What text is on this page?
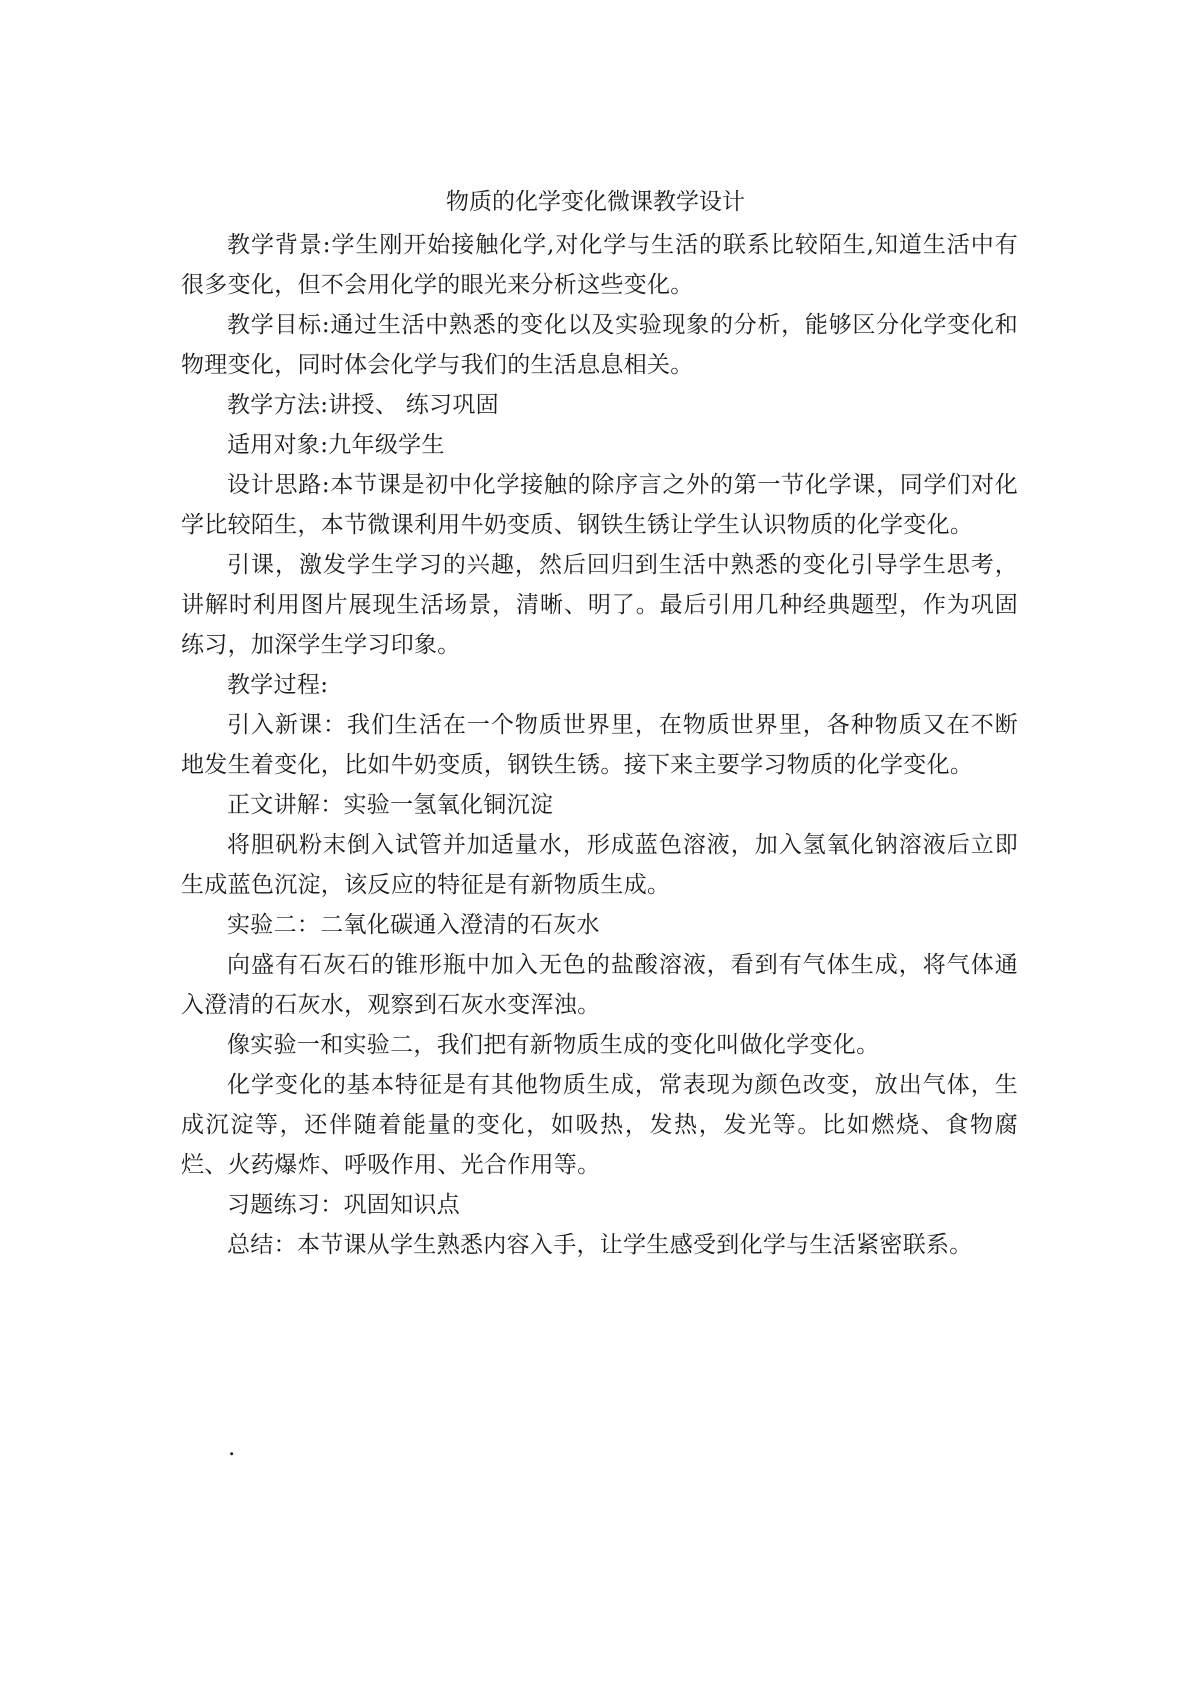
物质的化学变化微课教学设计

教学背景:学生刚开始接触化学,对化学与生活的联系比较陌生,知道生活中有很多变化，但不会用化学的眼光来分析这些变化。

教学目标:通过生活中熟悉的变化以及实验现象的分析，能够区分化学变化和物理变化，同时体会化学与我们的生活息息相关。

教学方法:讲授、 练习巩固

适用对象:九年级学生

设计思路:本节课是初中化学接触的除序言之外的第一节化学课，同学们对化学比较陌生，本节微课利用牛奶变质、钢铁生锈让学生认识物质的化学变化。

引课，激发学生学习的兴趣，然后回归到生活中熟悉的变化引导学生思考，讲解时利用图片展现生活场景，清晰、明了。最后引用几种经典题型，作为巩固练习，加深学生学习印象。

教学过程:

引入新课：我们生活在一个物质世界里，在物质世界里，各种物质又在不断地发生着变化，比如牛奶变质，钢铁生锈。接下来主要学习物质的化学变化。

正文讲解：实验一氢氧化铜沉淀

将胆矾粉末倒入试管并加适量水，形成蓝色溶液，加入氢氧化钠溶液后立即生成蓝色沉淀，该反应的特征是有新物质生成。

实验二：二氧化碳通入澄清的石灰水

向盛有石灰石的锥形瓶中加入无色的盐酸溶液，看到有气体生成，将气体通入澄清的石灰水，观察到石灰水变浑浊。

像实验一和实验二，我们把有新物质生成的变化叫做化学变化。

化学变化的基本特征是有其他物质生成，常表现为颜色改变，放出气体，生成沉淀等，还伴随着能量的变化，如吸热，发热，发光等。比如燃烧、食物腐烂、火药爆炸、呼吸作用、光合作用等。

习题练习：巩固知识点

总结：本节课从学生熟悉内容入手，让学生感受到化学与生活紧密联系。

.
